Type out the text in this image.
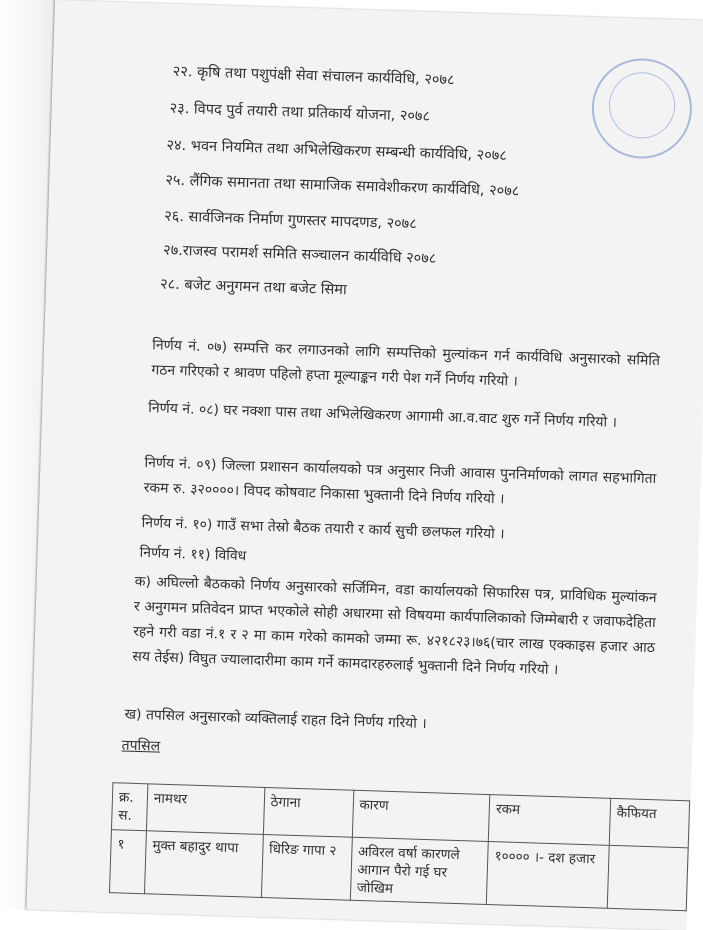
२२. कृषि तथा पशुपंक्षी सेवा संचालन कार्यविधि, २०७८
२३. विपद पुर्व तयारी तथा प्रतिकार्य योजना, २०७८
२४. भवन नियमित तथा अभिलेखिकरण सम्बन्धी कार्यविधि, २०७८
२५. लैंगिक समानता तथा सामाजिक समावेशीकरण कार्यविधि, २०७८
२६. सार्वजिनक निर्माण गुणस्तर मापदणड, २०७८
२७.राजस्व परामर्श समिति सञ्चालन कार्यविधि २०७८
२८. बजेट अनुगमन तथा बजेट सिमा
निर्णय नं. ०७) सम्पत्ति कर लगाउनको लागि सम्पत्तिको मुल्यांकन गर्न कार्यविधि अनुसारको समिति गठन गरिएको र श्रावण पहिलो हप्ता मूल्याङ्कन गरी पेश गर्ने निर्णय गरियो ।
निर्णय नं. ०८) घर नक्शा पास तथा अभिलेखिकरण आगामी आ.व.वाट शुरु गर्ने निर्णय गरियो ।
निर्णय नं. ०९) जिल्ला प्रशासन कार्यालयको पत्र अनुसार निजी आवास पुननिर्माणको लागत सहभागिता रकम रु. ३२००००। विपद कोषवाट निकासा भुक्तानी दिने निर्णय गरियो ।
निर्णय नं. १०) गाउँ सभा तेस्रो बैठक तयारी र कार्य सुची छलफल गरियो ।
निर्णय नं. ११) विविध
क) अघिल्लो बैठकको निर्णय अनुसारको सर्जिमिन, वडा कार्यालयको सिफारिस पत्र, प्राविधिक मुल्यांकन र अनुगमन प्रतिवेदन प्राप्त भएकोले सोही अधारमा सो विषयमा कार्यपालिकाको जिम्मेबारी र जवाफदेहिता रहने गरी वडा नं.१ र २ मा काम गरेको कामको जम्मा रू. ४२१८२३।७६(चार लाख एक्काइस हजार आठ सय तेईस) विघुत ज्यालादारीमा काम गर्ने कामदारहरुलाई भुक्तानी दिने निर्णय गरियो ।
ख) तपसिल अनुसारको व्यक्तिलाई राहत दिने निर्णय गरियो ।
तपसिल
क्र. स.	नामथर	ठेगाना	कारण	रकम	कैफियत
१	मुक्त बहादुर थापा	धिरिङ गापा २	अविरल वर्षा कारणले आगान पैरो गई घर जोखिम	१०००० ।- दश हजार	
